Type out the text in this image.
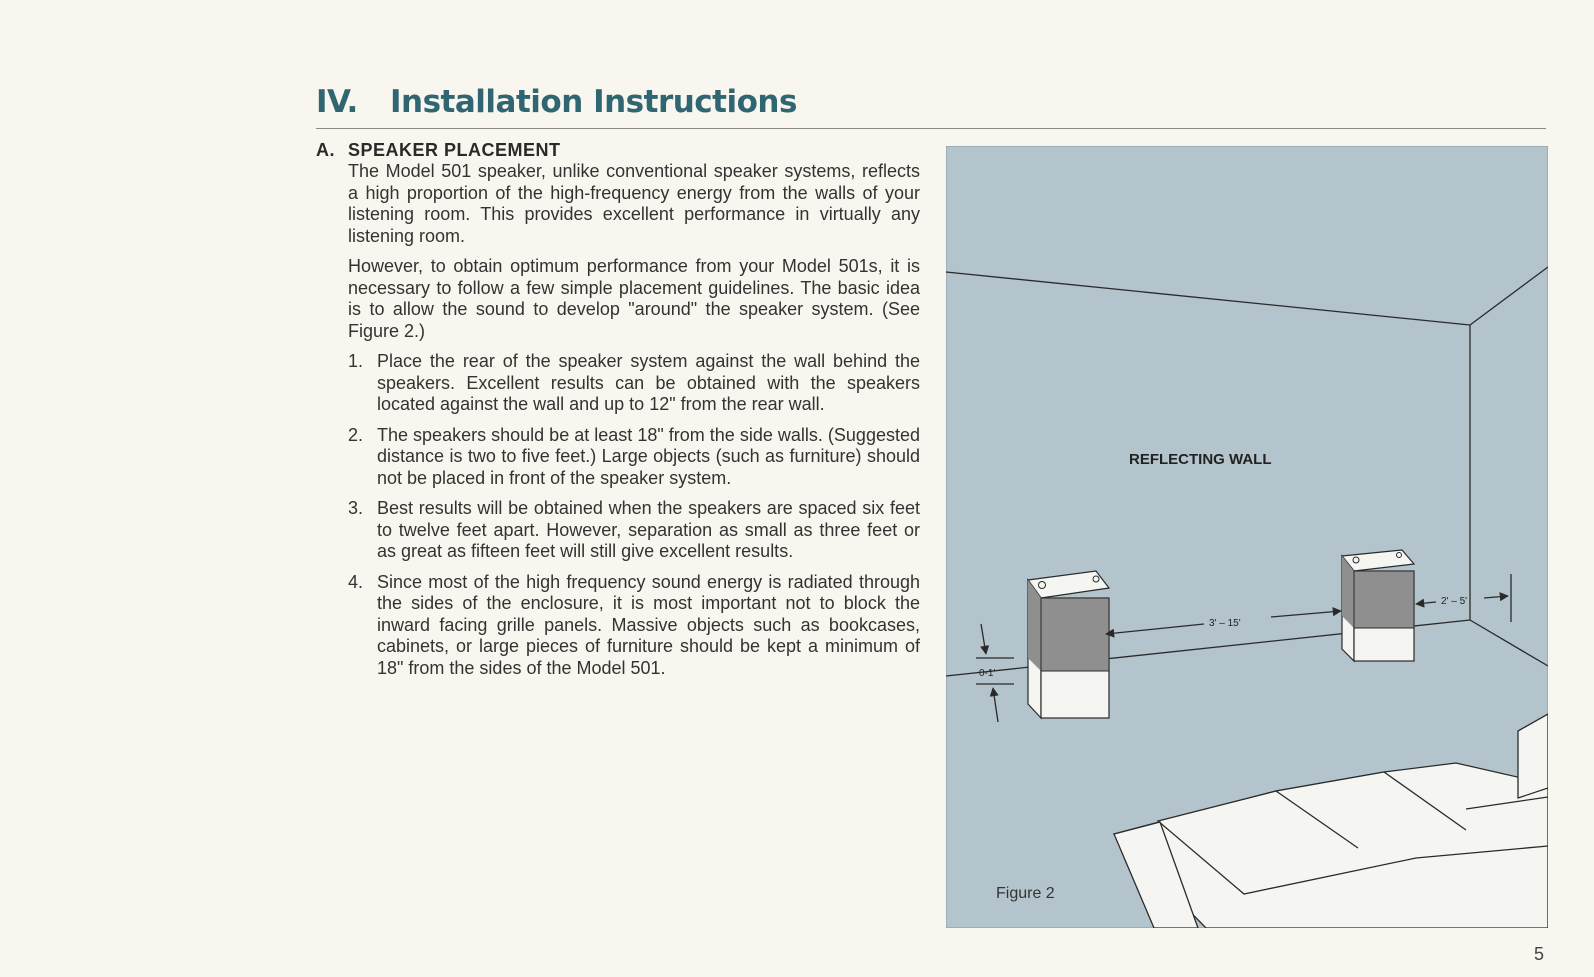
IV.	Installation Instructions
A. SPEAKER PLACEMENT

The Model 501 speaker, unlike conventional speaker systems, reflects a high proportion of the high-frequency energy from the walls of your listening room. This provides excellent performance in virtually any listening room.

However, to obtain optimum performance from your Model 501s, it is necessary to follow a few simple placement guidelines. The basic idea is to allow the sound to develop "around" the speaker system. (See Figure 2.)

1. Place the rear of the speaker system against the wall behind the speakers. Excellent results can be obtained with the speakers located against the wall and up to 12" from the rear wall.
2. The speakers should be at least 18" from the side walls. (Suggested distance is two to five feet.) Large objects (such as furniture) should not be placed in front of the speaker system.
3. Best results will be obtained when the speakers are spaced six feet to twelve feet apart. However, separation as small as three feet or as great as fifteen feet will still give excellent results.
4. Since most of the high frequency sound energy is radiated through the sides of the enclosure, it is most important not to block the inward facing grille panels. Massive objects such as bookcases, cabinets, or large pieces of furniture should be kept a minimum of 18" from the sides of the Model 501.
REFLECTING WALL
3' – 15'
2' – 5'
0-1'
Figure 2

5
